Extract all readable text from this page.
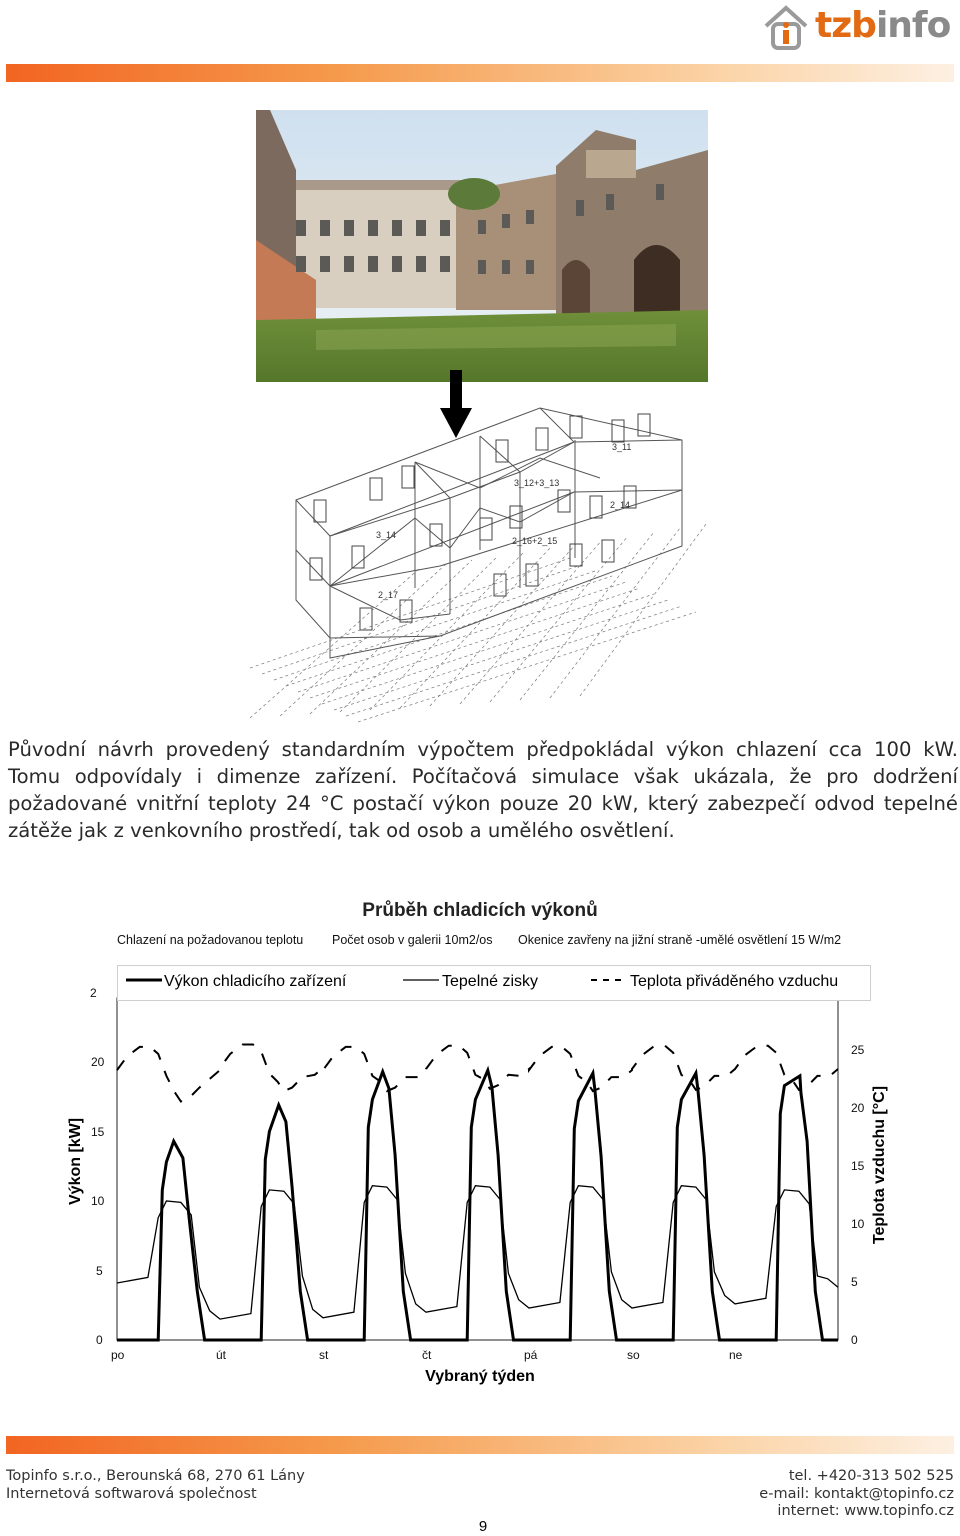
tzbinfo
3_11
3_12+3_13
2_14
3_14
2_16+2_15
2_17
Původní návrh provedený standardním výpočtem předpokládal výkon chlazení cca 100 kW. Tomu odpovídaly i dimenze zařízení. Počítačová simulace však ukázala, že pro dodržení požadované vnitřní teploty 24 °C postačí výkon pouze 20 kW, který zabezpečí odvod tepelné zátěže jak z venkovního prostředí, tak od osob a umělého osvětlení.
Průběh chladicích výkonů
Chlazení na požadovanou teplotu Počet osob v galerii 10m2/os Okenice zavřeny na jižní straně -umělé osvětlení 15 W/m2
Výkon chladicího zařízení	Tepelné zisky	Teplota přiváděného vzduchu
0
5
10
15
20
2
0
5
10
15
20
25
Výkon [kW]	Teplota vzduchu [°C]
po	út	st	čt	pá	so	ne
Vybraný týden
Topinfo s.r.o., Berounská 68, 270 61 Lány
Internetová softwarová společnost
tel. +420-313 502 525
e-mail: kontakt@topinfo.cz
internet: www.topinfo.cz
9
